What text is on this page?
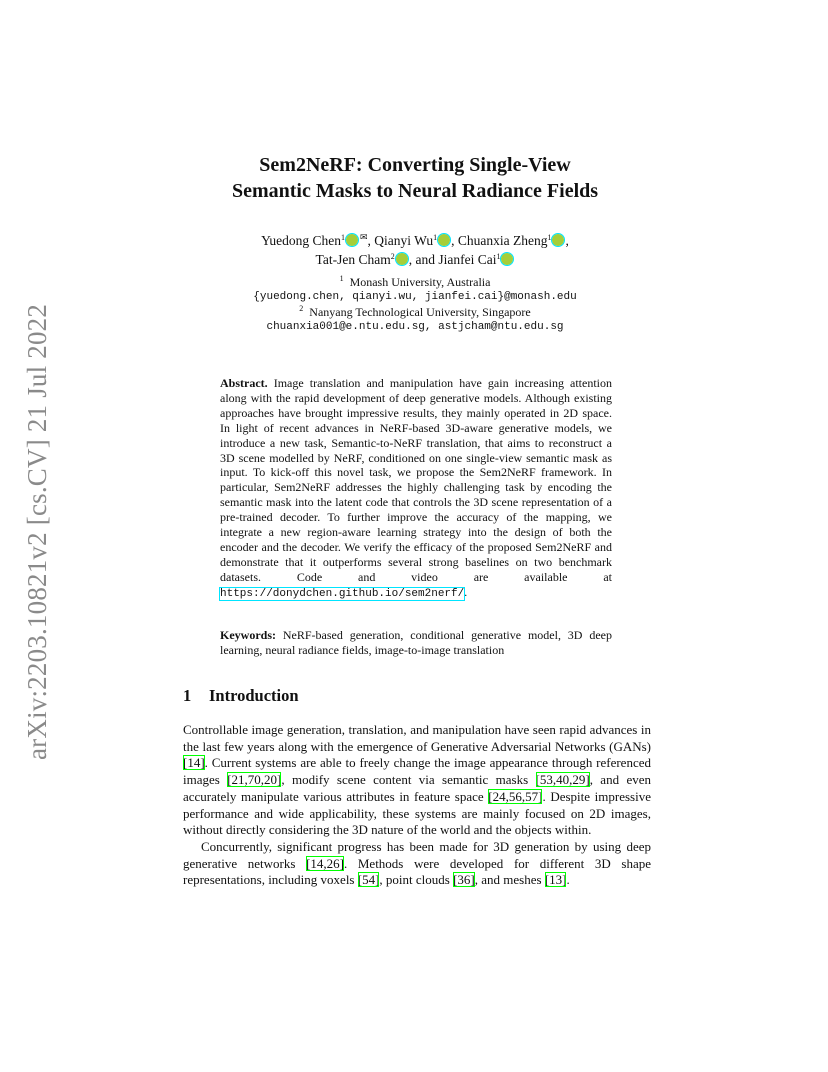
arXiv:2203.10821v2 [cs.CV] 21 Jul 2022
Sem2NeRF: Converting Single-View
Semantic Masks to Neural Radiance Fields
Yuedong Chen$^1$ ✉, Qianyi Wu$^1$ , Chuanxia Zheng$^1$ ,
Tat-Jen Cham$^2$ , and Jianfei Cai$^1$
$^1$ Monash University, Australia
{yuedong.chen, qianyi.wu, jianfei.cai}@monash.edu
$^2$ Nanyang Technological University, Singapore
chuanxia001@e.ntu.edu.sg, astjcham@ntu.edu.sg
Abstract. Image translation and manipulation have gain increasing attention along with the rapid development of deep generative models. Although existing approaches have brought impressive results, they mainly operated in 2D space. In light of recent advances in NeRF-based 3D-aware generative models, we introduce a new task, Semantic-to-NeRF translation, that aims to reconstruct a 3D scene modelled by NeRF, conditioned on one single-view semantic mask as input. To kick-off this novel task, we propose the Sem2NeRF framework. In particular, Sem2NeRF addresses the highly challenging task by encoding the semantic mask into the latent code that controls the 3D scene representation of a pre-trained decoder. To further improve the accuracy of the mapping, we integrate a new region-aware learning strategy into the design of both the encoder and the decoder. We verify the efficacy of the proposed Sem2NeRF and demonstrate that it outperforms several strong baselines on two benchmark datasets. Code and video are available at https://donydchen.github.io/sem2nerf/.
Keywords: NeRF-based generation, conditional generative model, 3D deep learning, neural radiance fields, image-to-image translation
1 Introduction

Controllable image generation, translation, and manipulation have seen rapid advances in the last few years along with the emergence of Generative Adversarial Networks (GANs) [14]. Current systems are able to freely change the image appearance through referenced images [21,70,20], modify scene content via semantic masks [53,40,29], and even accurately manipulate various attributes in feature space [24,56,57]. Despite impressive performance and wide applicability, these systems are mainly focused on 2D images, without directly considering the 3D nature of the world and the objects within.

Concurrently, significant progress has been made for 3D generation by using deep generative networks [14,26]. Methods were developed for different 3D shape representations, including voxels [54], point clouds [36], and meshes [13].
